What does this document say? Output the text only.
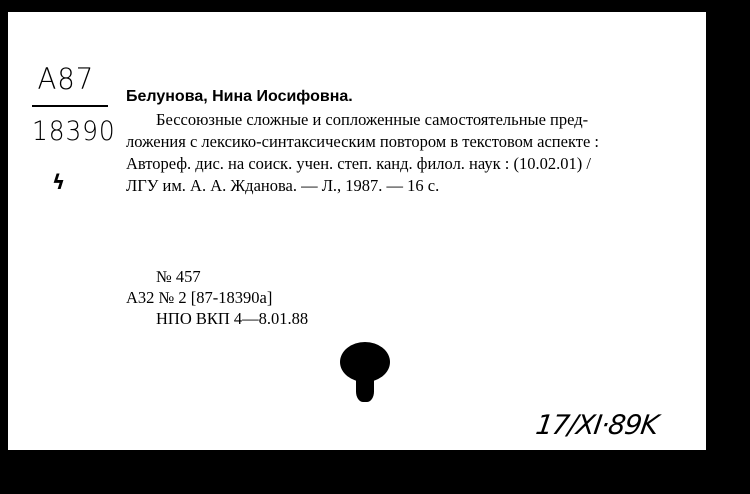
А87
18390
ϟ
Белунова, Нина Иосифовна.
Бессоюзные сложные и сопложенные самостоятельные пред-
ложения с лексико-синтаксическим повтором в текстовом аспекте :
Автореф. дис. на соиск. учен. степ. канд. филол. наук : (10.02.01) /
ЛГУ им. А. А. Жданова. — Л., 1987. — 16 с.
№ 457
А32 № 2 [87-18390а]
НПО ВКП 4—8.01.88
17/XI·89K
